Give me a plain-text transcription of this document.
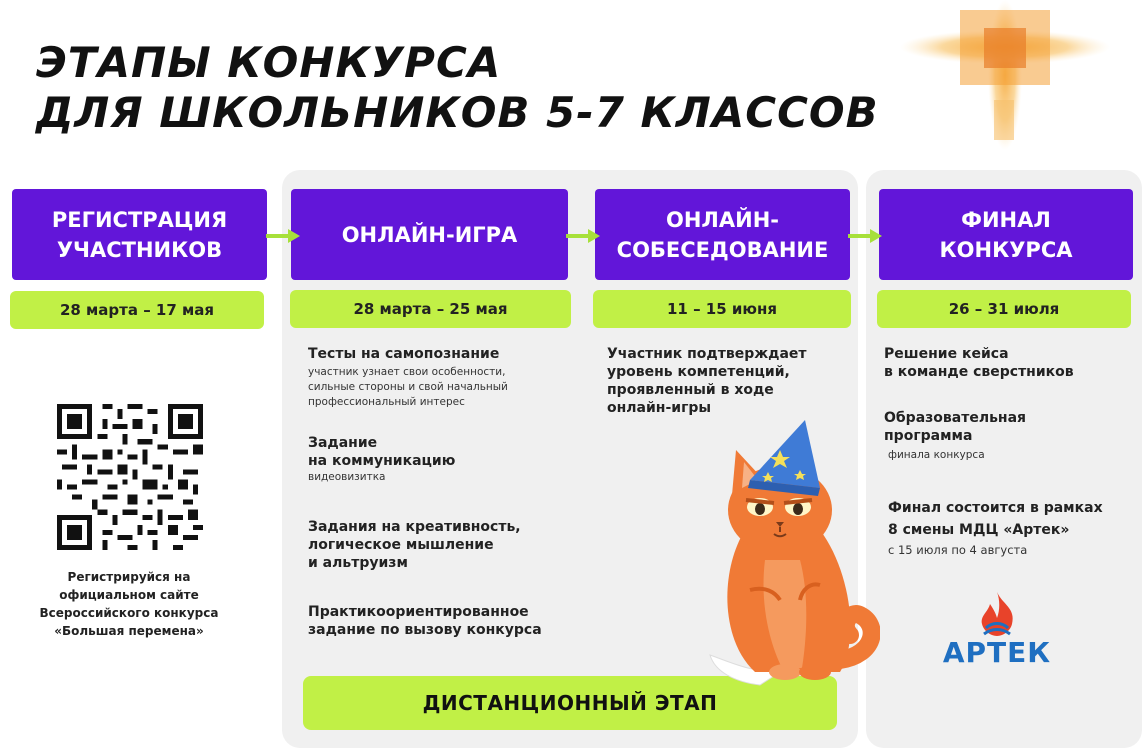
ЭТАПЫ КОНКУРСА
ДЛЯ ШКОЛЬНИКОВ 5-7 КЛАССОВ
РЕГИСТРАЦИЯ
УЧАСТНИКОВ
ОНЛАЙН-ИГРА
ОНЛАЙН-
СОБЕСЕДОВАНИЕ
ФИНАЛ
КОНКУРСА
28 марта – 17 мая	28 марта – 25 мая	11 – 15 июня	26 – 31 июля
Регистрируйся на
официальном сайте
Всероссийского конкурса
«Большая перемена»
Тесты на самопознание
участник узнает свои особенности,
сильные стороны и свой начальный
профессиональный интерес
Задание
на коммуникацию
видеовизитка
Задания на креативность,
логическое мышление
и альтруизм
Практикоориентированное
задание по вызову конкурса
Участник подтверждает
уровень компетенций,
проявленный в ходе
онлайн-игры
Решение кейса
в команде сверстников
Образовательная
программа
финала конкурса
Финал состоится в рамках
8 смены МДЦ «Артек»
с 15 июля по 4 августа
ДИСТАНЦИОННЫЙ ЭТАП
АРТЕК
